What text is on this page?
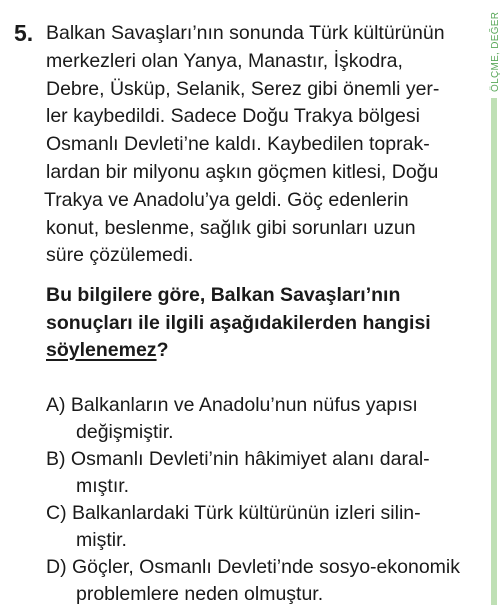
ÖLÇME, DEĞER
5. Balkan Savaşları’nın sonunda Türk kültürünün
merkezleri olan Yanya, Manastır, İşkodra,
Debre, Üsküp, Selanik, Serez gibi önemli yer-
ler kaybedildi. Sadece Doğu Trakya bölgesi
Osmanlı Devleti’ne kaldı. Kaybedilen toprak-
lardan bir milyonu aşkın göçmen kitlesi, Doğu
Trakya ve Anadolu’ya geldi. Göç edenlerin
konut, beslenme, sağlık gibi sorunları uzun
süre çözülemedi.
Bu bilgilere göre, Balkan Savaşları’nın
sonuçları ile ilgili aşağıdakilerden hangisi
söylenemez?
A) Balkanların ve Anadolu’nun nüfus yapısı
değişmiştir.
B) Osmanlı Devleti’nin hâkimiyet alanı daral-
mıştır.
C) Balkanlardaki Türk kültürünün izleri silin-
miştir.
D) Göçler, Osmanlı Devleti’nde sosyo-ekonomik
problemlere neden olmuştur.
